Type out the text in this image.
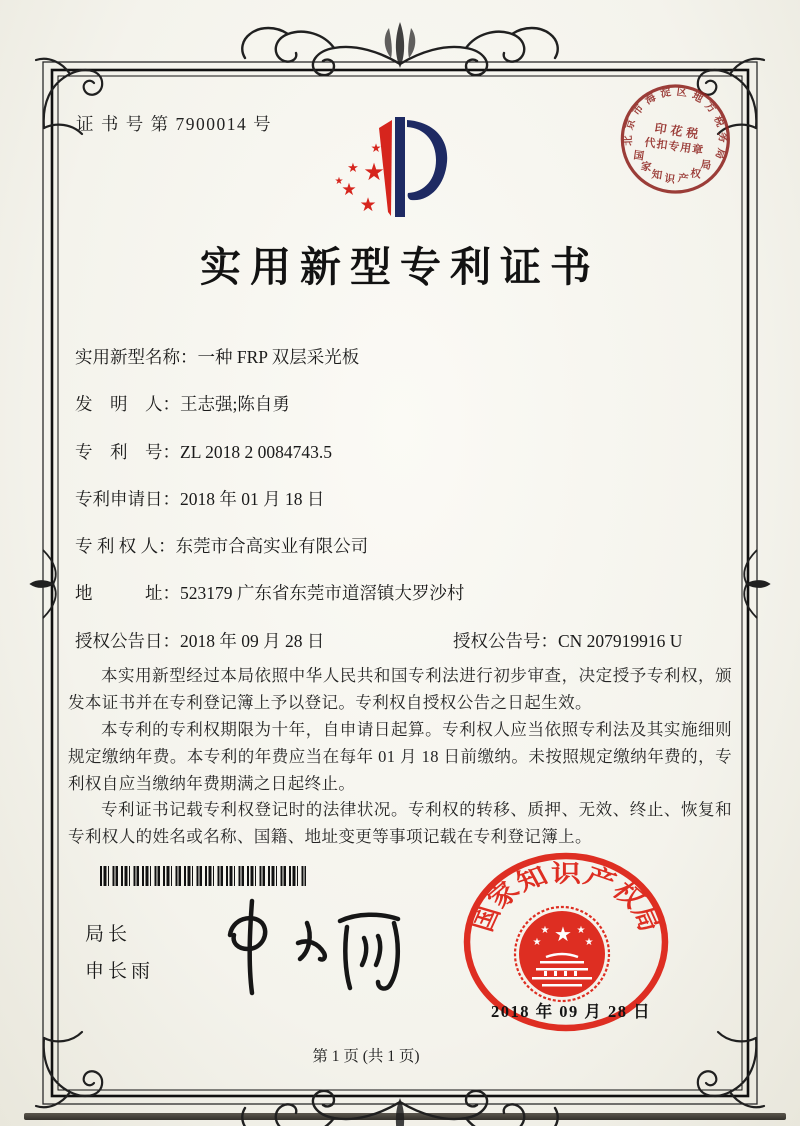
证 书 号 第 7900014 号
★
★
★
★
★
★
实用新型专利证书
实用新型名称：一种 FRP 双层采光板
发　明　人：王志强;陈自勇
专　利　号：ZL 2018 2 0084743.5
专利申请日：2018 年 01 月 18 日
专 利 权 人：东莞市合高实业有限公司
地　　　址：523179 广东省东莞市道滘镇大罗沙村
授权公告日：2018 年 09 月 28 日	授权公告号：CN 207919916 U

本实用新型经过本局依照中华人民共和国专利法进行初步审查，决定授予专利权，颁发本证书并在专利登记簿上予以登记。专利权自授权公告之日起生效。

本专利的专利权期限为十年，自申请日起算。专利权人应当依照专利法及其实施细则规定缴纳年费。本专利的年费应当在每年 01 月 18 日前缴纳。未按照规定缴纳年费的，专利权自应当缴纳年费期满之日起终止。

专利证书记载专利权登记时的法律状况。专利权的转移、质押、无效、终止、恢复和专利权人的姓名或名称、国籍、地址变更等事项记载在专利登记簿上。

局长
申长雨
国
家
知
识
产
权
局
★
★	★
★	★
2018 年 09 月 28 日
北
京
市
海 淀 区 地
方
税
务
局
国
家
知 识 产 权
局
印花税
代扣专用章
第 1 页 (共 1 页)
